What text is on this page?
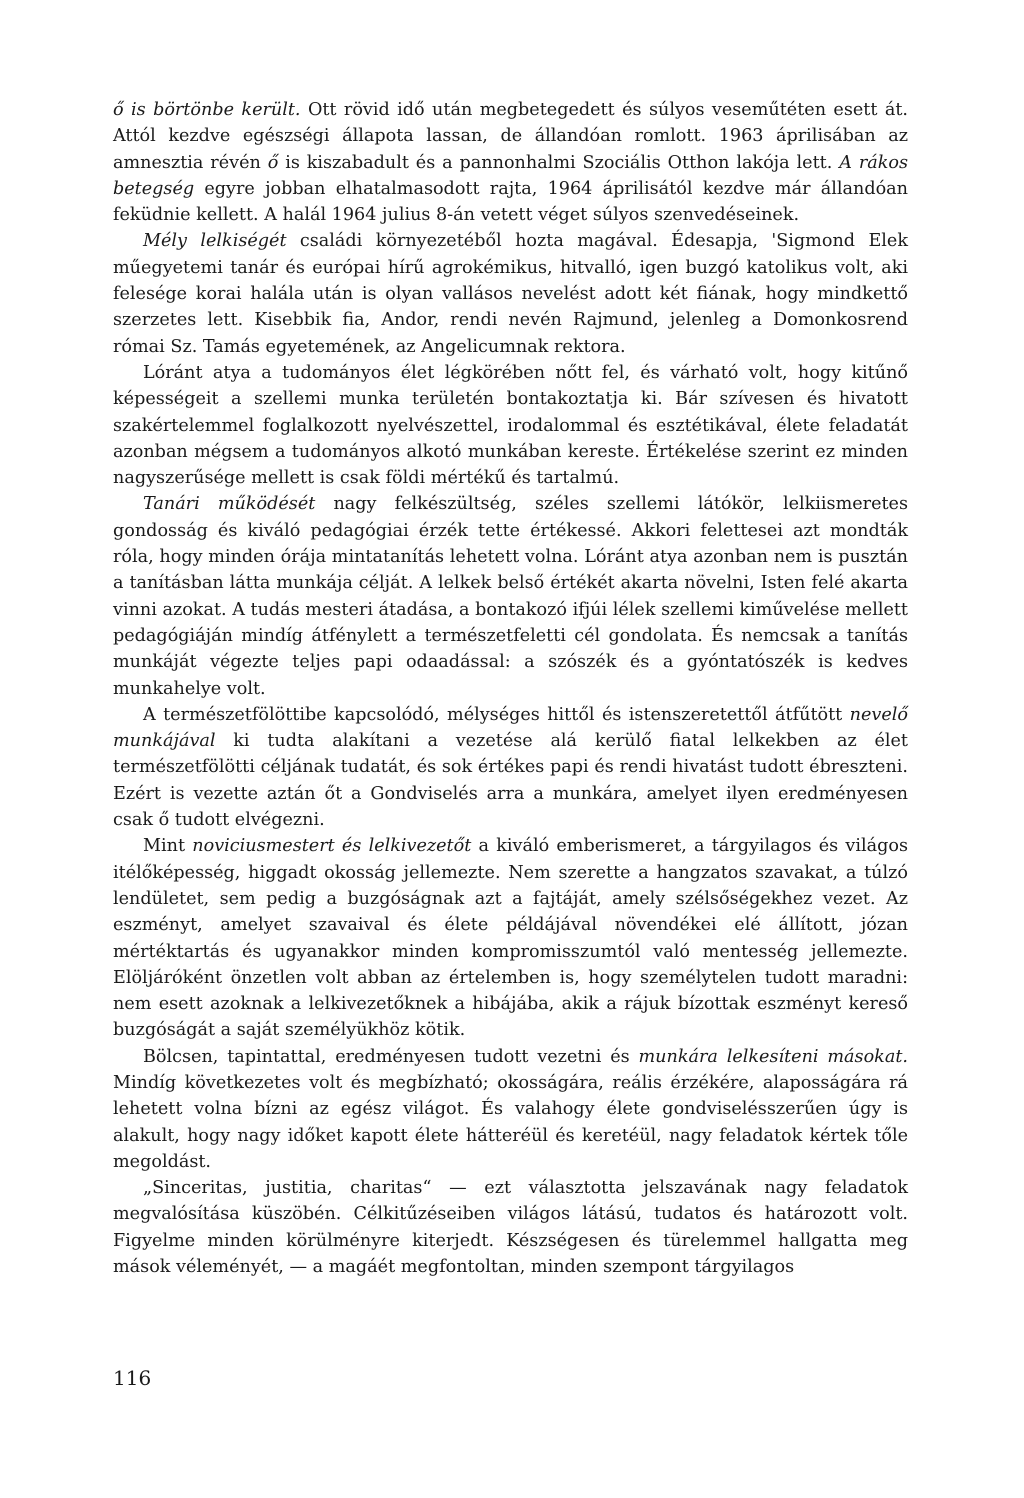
ő is börtönbe került. Ott rövid idő után megbetegedett és súlyos veseműtéten esett át. Attól kezdve egészségi állapota lassan, de állandóan romlott. 1963 áprilisában az amnesztia révén ő is kiszabadult és a pannonhalmi Szociális Otthon lakója lett. A rákos betegség egyre jobban elhatalmasodott rajta, 1964 áprilisától kezdve már állandóan feküdnie kellett. A halál 1964 julius 8-án vetett véget súlyos szenvedéseinek.

Mély lelkiségét családi környezetéből hozta magával. Édesapja, 'Sigmond Elek műegyetemi tanár és európai hírű agrokémikus, hitvalló, igen buzgó katolikus volt, aki felesége korai halála után is olyan vallásos nevelést adott két fiának, hogy mindkettő szerzetes lett. Kisebbik fia, Andor, rendi nevén Rajmund, jelenleg a Domonkosrend római Sz. Tamás egyetemének, az Angelicumnak rektora.

Lóránt atya a tudományos élet légkörében nőtt fel, és várható volt, hogy kitűnő képességeit a szellemi munka területén bontakoztatja ki. Bár szívesen és hivatott szakértelemmel foglalkozott nyelvészettel, irodalommal és esztétikával, élete feladatát azonban mégsem a tudományos alkotó munkában kereste. Értékelése szerint ez minden nagyszerűsége mellett is csak földi mértékű és tartalmú.

Tanári működését nagy felkészültség, széles szellemi látókör, lelkiismeretes gondosság és kiváló pedagógiai érzék tette értékessé. Akkori felettesei azt mondták róla, hogy minden órája mintatanítás lehetett volna. Lóránt atya azonban nem is pusztán a tanításban látta munkája célját. A lelkek belső értékét akarta növelni, Isten felé akarta vinni azokat. A tudás mesteri átadása, a bontakozó ifjúi lélek szellemi kiművelése mellett pedagógiáján mindíg átfénylett a természetfeletti cél gondolata. És nemcsak a tanítás munkáját végezte teljes papi odaadással: a szószék és a gyóntatószék is kedves munkahelye volt.

A természetfölöttibe kapcsolódó, mélységes hittől és istenszeretettől átfűtött nevelő munkájával ki tudta alakítani a vezetése alá kerülő fiatal lelkekben az élet természetfölötti céljának tudatát, és sok értékes papi és rendi hivatást tudott ébreszteni. Ezért is vezette aztán őt a Gondviselés arra a munkára, amelyet ilyen eredményesen csak ő tudott elvégezni.

Mint noviciusmestert és lelkivezetőt a kiváló emberismeret, a tárgyilagos és világos itélőképesség, higgadt okosság jellemezte. Nem szerette a hangzatos szavakat, a túlzó lendületet, sem pedig a buzgóságnak azt a fajtáját, amely szélsőségekhez vezet. Az eszményt, amelyet szavaival és élete példájával növendékei elé állított, józan mértéktartás és ugyanakkor minden kompromisszumtól való mentesség jellemezte. Elöljáróként önzetlen volt abban az értelemben is, hogy személytelen tudott maradni: nem esett azoknak a lelkivezetőknek a hibájába, akik a rájuk bízottak eszményt kereső buzgóságát a saját személyükhöz kötik.

Bölcsen, tapintattal, eredményesen tudott vezetni és munkára lelkesíteni másokat. Mindíg következetes volt és megbízható; okosságára, reális érzékére, alaposságára rá lehetett volna bízni az egész világot. És valahogy élete gondviselésszerűen úgy is alakult, hogy nagy időket kapott élete hátteréül és keretéül, nagy feladatok kértek tőle megoldást.

„Sinceritas, justitia, charitas“ — ezt választotta jelszavának nagy feladatok megvalósítása küszöbén. Célkitűzéseiben világos látású, tudatos és határozott volt. Figyelme minden körülményre kiterjedt. Készségesen és türelemmel hallgatta meg mások véleményét, — a magáét megfontoltan, minden szempont tárgyilagos

116
